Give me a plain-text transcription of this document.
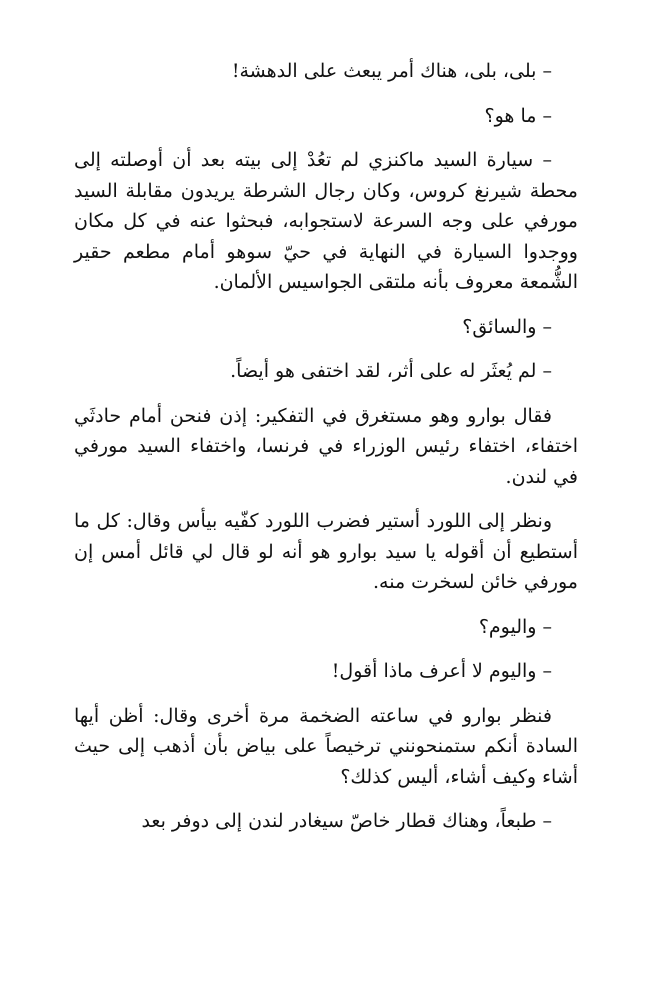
– بلى، بلى، هناك أمر يبعث على الدهشة!

– ما هو؟

– سيارة السيد ماكنزي لم تعُدْ إلى بيته بعد أن أوصلته إلى محطة شيرنغ كروس، وكان رجال الشرطة يريدون مقابلة السيد مورفي على وجه السرعة لاستجوابه، فبحثوا عنه في كل مكان ووجدوا السيارة في النهاية في حيّ سوهو أمام مطعم حقير الشُّمعة معروف بأنه ملتقى الجواسيس الألمان.

– والسائق؟

– لم يُعثَر له على أثر، لقد اختفى هو أيضاً.

فقال بوارو وهو مستغرق في التفكير: إذن فنحن أمام حادثَي اختفاء، اختفاء رئيس الوزراء في فرنسا، واختفاء السيد مورفي في لندن.

ونظر إلى اللورد أستير فضرب اللورد كفّيه بيأس وقال: كل ما أستطيع أن أقوله يا سيد بوارو هو أنه لو قال لي قائل أمس إن مورفي خائن لسخرت منه.

– واليوم؟

– واليوم لا أعرف ماذا أقول!

فنظر بوارو في ساعته الضخمة مرة أخرى وقال: أظن أيها السادة أنكم ستمنحونني ترخيصاً على بياض بأن أذهب إلى حيث أشاء وكيف أشاء، أليس كذلك؟

– طبعاً، وهناك قطار خاصّ سيغادر لندن إلى دوفر بعد
